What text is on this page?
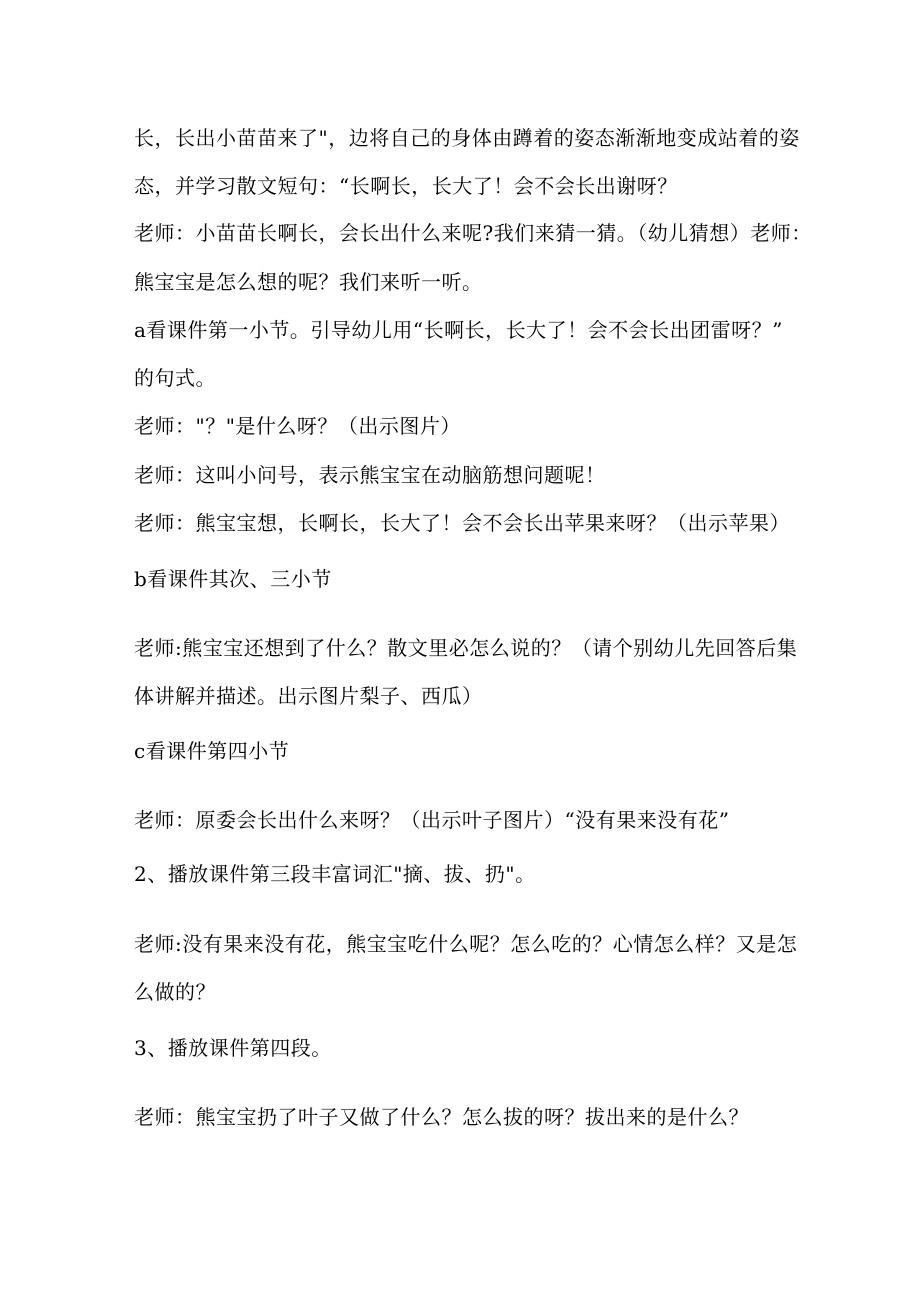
长，长出小苗苗来了"，边将自己的身体由蹲着的姿态渐渐地变成站着的姿

态，并学习散文短句：“长啊长，长大了！会不会长出谢呀？

老师：小苗苗长啊长，会长出什么来呢?我们来猜一猜。（幼儿猜想）老师：

熊宝宝是怎么想的呢？我们来听一听。

a看课件第一小节。引导幼儿用“长啊长，长大了！会不会长出团雷呀？”

的句式。

老师："？"是什么呀？（出示图片）

老师：这叫小问号，表示熊宝宝在动脑筋想问题呢！

老师：熊宝宝想，长啊长，长大了！会不会长出苹果来呀？（出示苹果）

b看课件其次、三小节

老师:熊宝宝还想到了什么？散文里必怎么说的？（请个别幼儿先回答后集

体讲解并描述。出示图片梨子、西瓜）

c看课件第四小节

老师：原委会长出什么来呀？（出示叶子图片）“没有果来没有花”

2、播放课件第三段丰富词汇"摘、拔、扔"。

老师:没有果来没有花，熊宝宝吃什么呢？怎么吃的？心情怎么样？又是怎

么做的？

3、播放课件第四段。

老师：熊宝宝扔了叶子又做了什么？怎么拔的呀？拔出来的是什么？
